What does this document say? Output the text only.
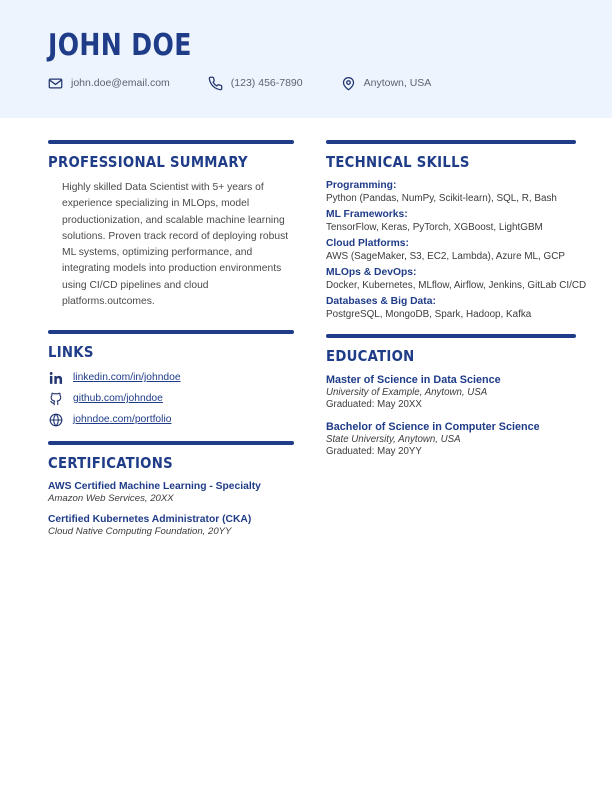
JOHN DOE
john.doe@email.com	(123) 456-7890	Anytown, USA
PROFESSIONAL SUMMARY

Highly skilled Data Scientist with 5+ years of experience specializing in MLOps, model productionization, and scalable machine learning solutions. Proven track record of deploying robust ML systems, optimizing performance, and integrating models into production environments using CI/CD pipelines and cloud platforms.outcomes.

LINKS
linkedin.com/in/johndoe
github.com/johndoe
johndoe.com/portfolio
CERTIFICATIONS

AWS Certified Machine Learning - Specialty

Amazon Web Services, 20XX

Certified Kubernetes Administrator (CKA)

Cloud Native Computing Foundation, 20YY

TECHNICAL SKILLS

Programming:

Python (Pandas, NumPy, Scikit-learn), SQL, R, Bash

ML Frameworks:

TensorFlow, Keras, PyTorch, XGBoost, LightGBM

Cloud Platforms:

AWS (SageMaker, S3, EC2, Lambda), Azure ML, GCP

MLOps & DevOps:

Docker, Kubernetes, MLflow, Airflow, Jenkins, GitLab CI/CD

Databases & Big Data:

PostgreSQL, MongoDB, Spark, Hadoop, Kafka

EDUCATION

Master of Science in Data Science

University of Example, Anytown, USA

Graduated: May 20XX

Bachelor of Science in Computer Science

State University, Anytown, USA

Graduated: May 20YY
